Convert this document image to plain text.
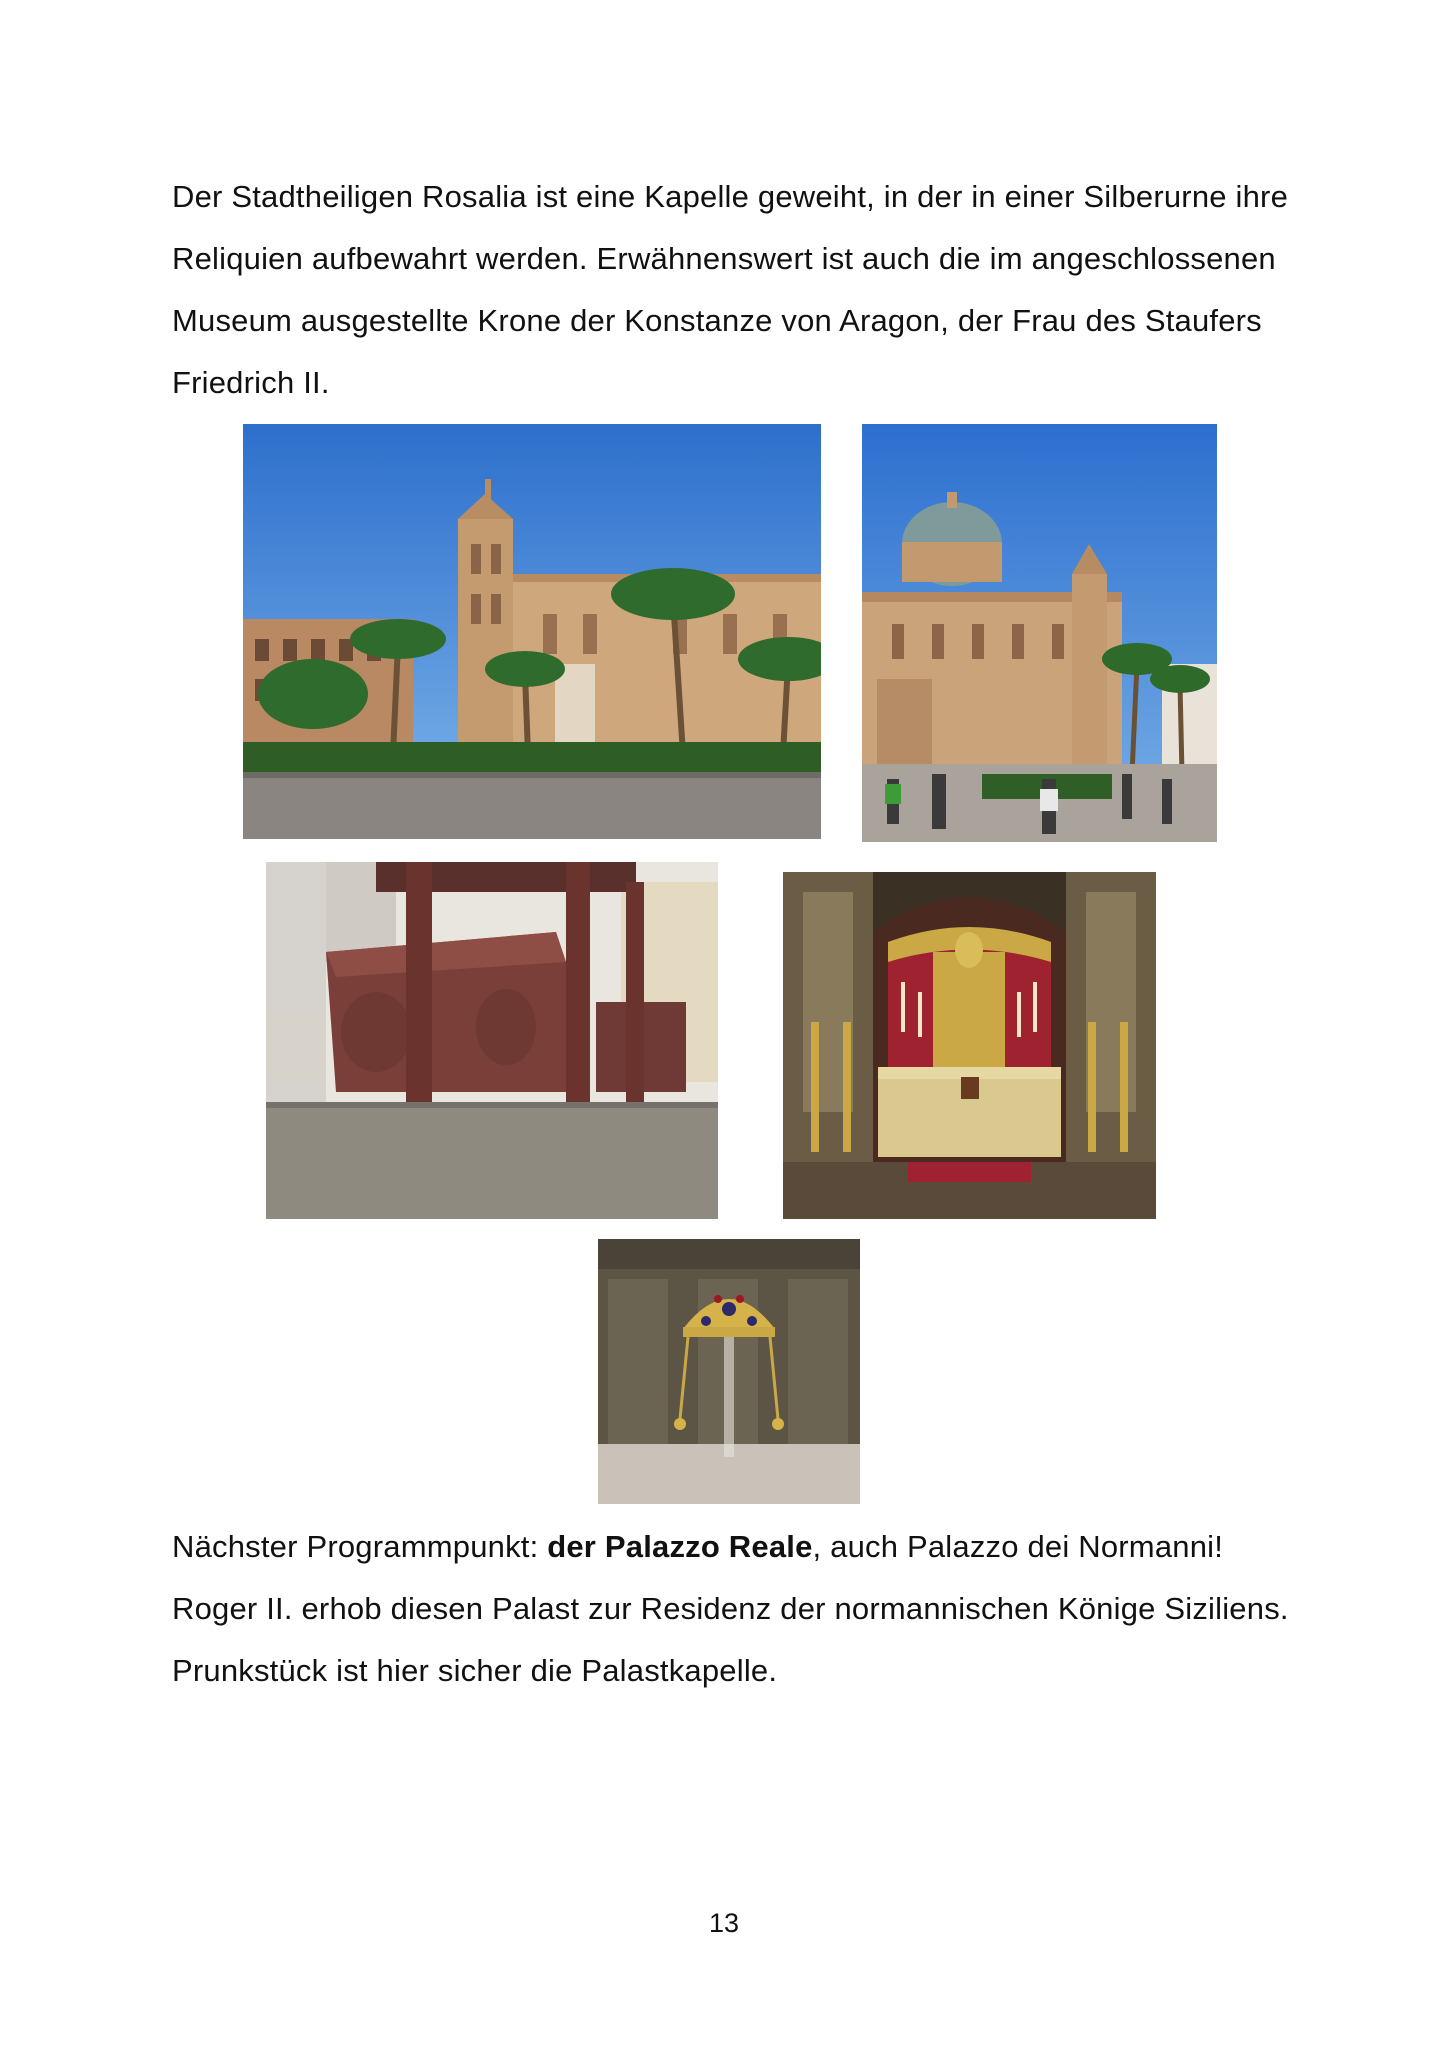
Der Stadtheiligen Rosalia ist eine Kapelle geweiht, in der in einer Silberurne ihre
Reliquien aufbewahrt werden. Erwähnenswert ist auch die im angeschlossenen
Museum ausgestellte Krone der Konstanze von Aragon, der Frau des Staufers
Friedrich II.

Nächster Programmpunkt: der Palazzo Reale, auch Palazzo dei Normanni!
Roger II. erhob diesen Palast zur Residenz der normannischen Könige Siziliens.
Prunkstück ist hier sicher die Palastkapelle.

13
